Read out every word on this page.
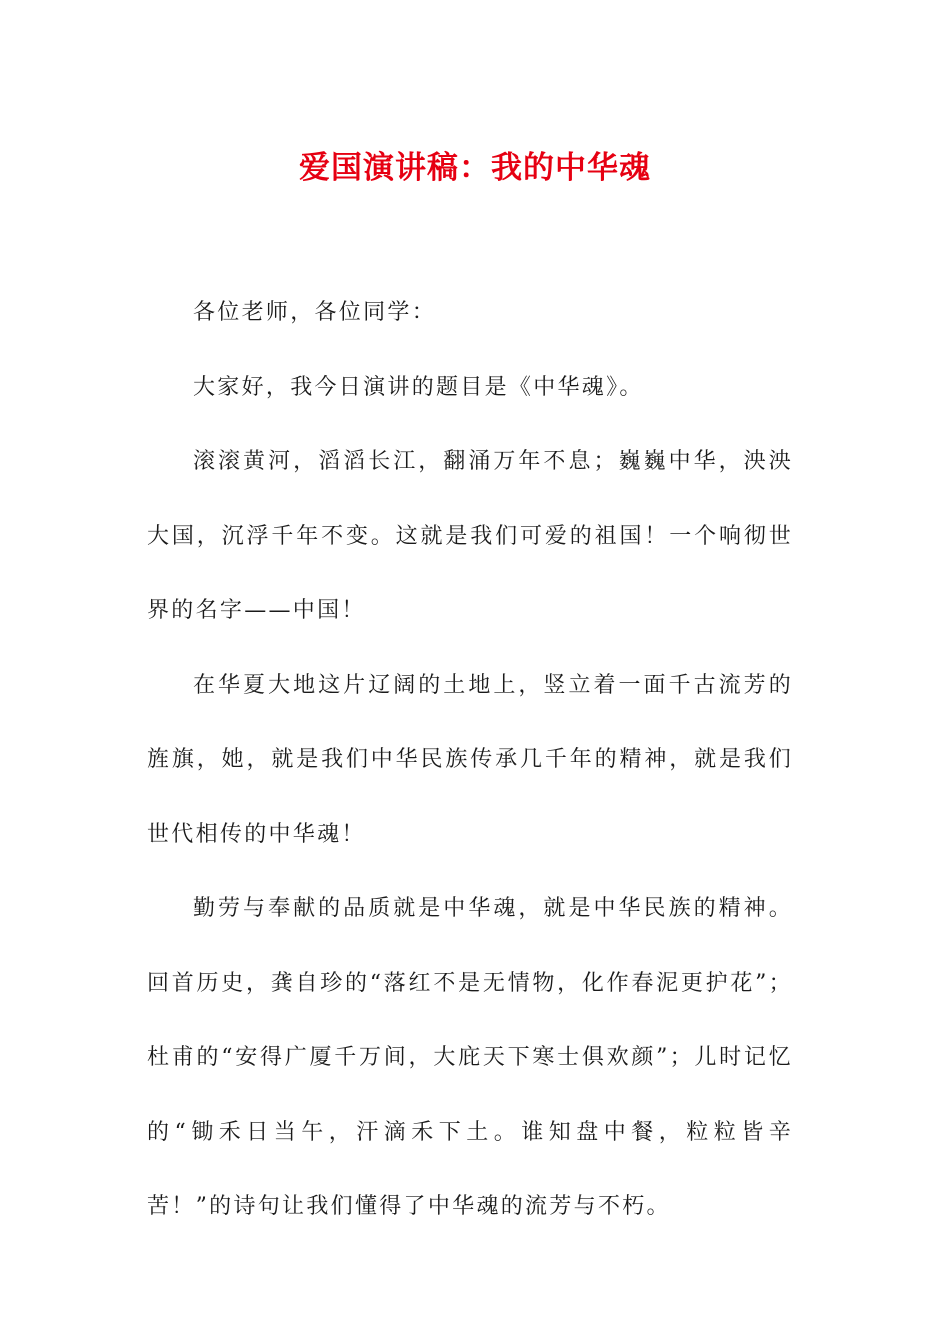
爱国演讲稿：我的中华魂

各位老师，各位同学：

大家好，我今日演讲的题目是《中华魂》。

滚滚黄河，滔滔长江，翻涌万年不息；巍巍中华，泱泱大国，沉浮千年不变。这就是我们可爱的祖国！一个响彻世界的名字——中国！

在华夏大地这片辽阔的土地上，竖立着一面千古流芳的旌旗，她，就是我们中华民族传承几千年的精神，就是我们世代相传的中华魂！

勤劳与奉献的品质就是中华魂，就是中华民族的精神。回首历史，龚自珍的“落红不是无情物，化作春泥更护花”；杜甫的“安得广厦千万间，大庇天下寒士俱欢颜”；儿时记忆的“锄禾日当午，汗滴禾下土。谁知盘中餐，粒粒皆辛苦！”的诗句让我们懂得了中华魂的流芳与不朽。
